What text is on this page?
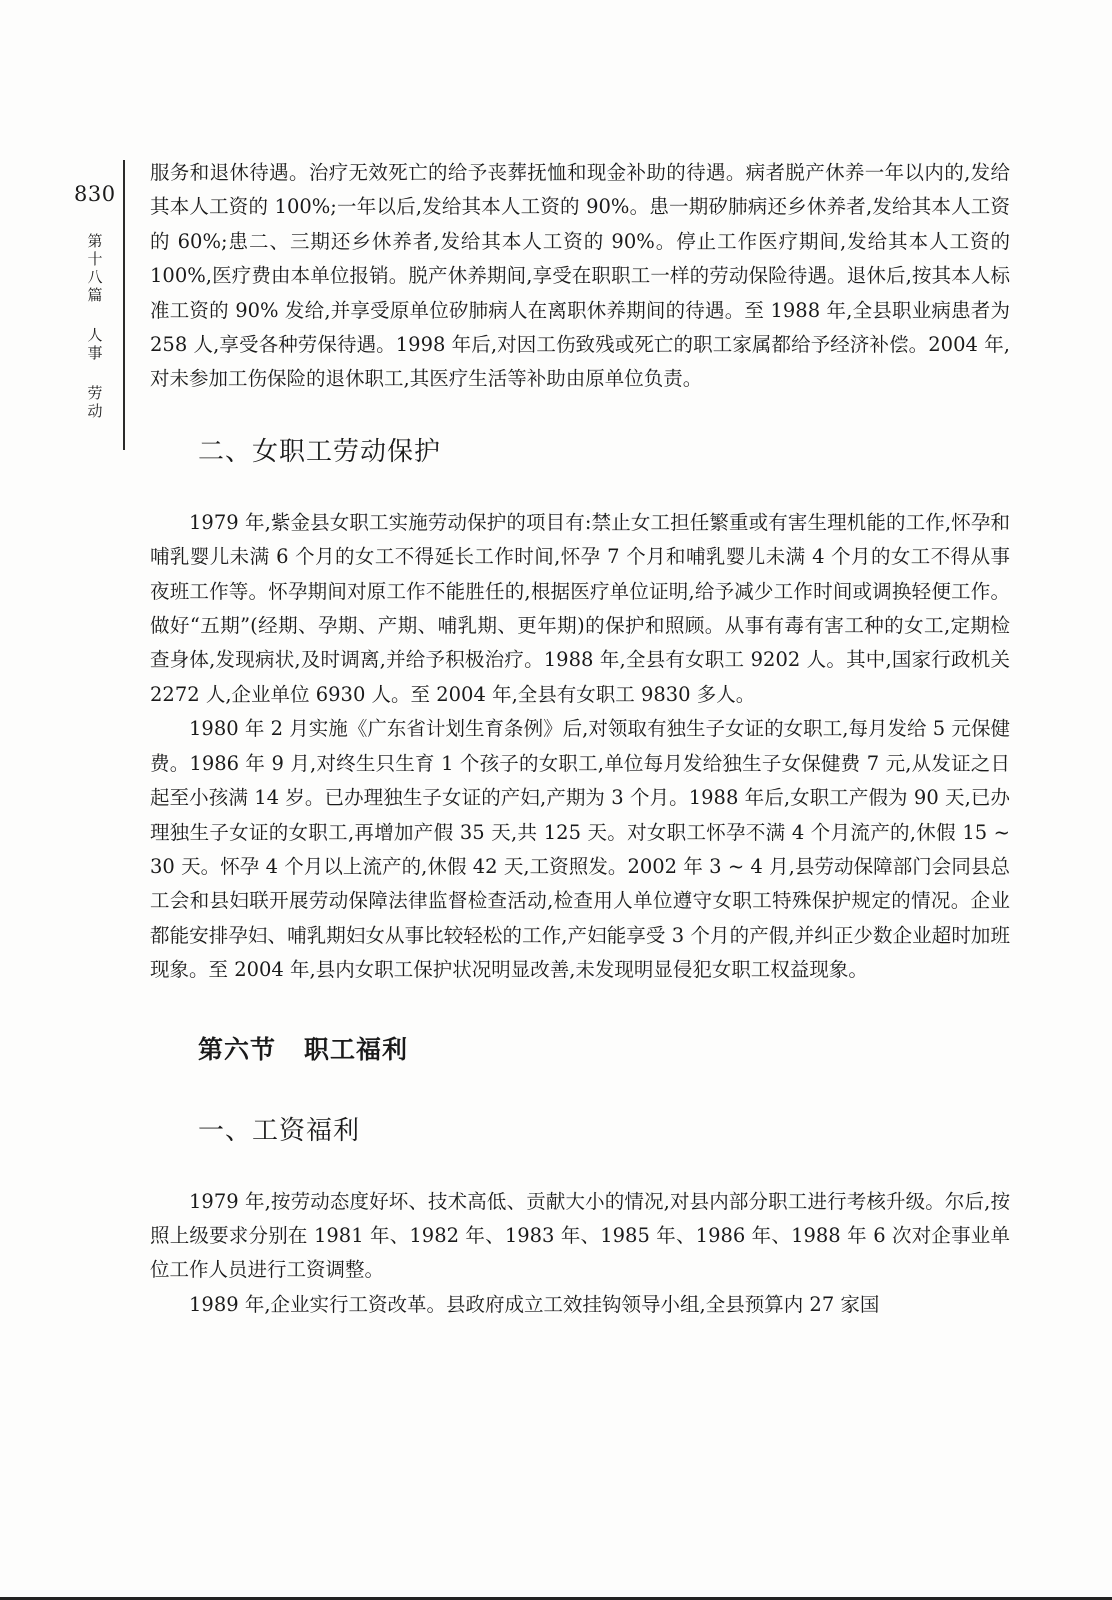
830
第
十
八
篇
人
事
劳
动

服务和退休待遇。治疗无效死亡的给予丧葬抚恤和现金补助的待遇。病者脱产休养一年以内的,发给其本人工资的 100%;一年以后,发给其本人工资的 90%。患一期矽肺病还乡休养者,发给其本人工资的 60%;患二、三期还乡休养者,发给其本人工资的 90%。停止工作医疗期间,发给其本人工资的 100%,医疗费由本单位报销。脱产休养期间,享受在职职工一样的劳动保险待遇。退休后,按其本人标准工资的 90% 发给,并享受原单位矽肺病人在离职休养期间的待遇。至 1988 年,全县职业病患者为 258 人,享受各种劳保待遇。1998 年后,对因工伤致残或死亡的职工家属都给予经济补偿。2004 年,对未参加工伤保险的退休职工,其医疗生活等补助由原单位负责。

二、女职工劳动保护

1979 年,紫金县女职工实施劳动保护的项目有:禁止女工担任繁重或有害生理机能的工作,怀孕和哺乳婴儿未满 6 个月的女工不得延长工作时间,怀孕 7 个月和哺乳婴儿未满 4 个月的女工不得从事夜班工作等。怀孕期间对原工作不能胜任的,根据医疗单位证明,给予减少工作时间或调换轻便工作。做好“五期”(经期、孕期、产期、哺乳期、更年期)的保护和照顾。从事有毒有害工种的女工,定期检查身体,发现病状,及时调离,并给予积极治疗。1988 年,全县有女职工 9202 人。其中,国家行政机关 2272 人,企业单位 6930 人。至 2004 年,全县有女职工 9830 多人。

1980 年 2 月实施《广东省计划生育条例》后,对领取有独生子女证的女职工,每月发给 5 元保健费。1986 年 9 月,对终生只生育 1 个孩子的女职工,单位每月发给独生子女保健费 7 元,从发证之日起至小孩满 14 岁。已办理独生子女证的产妇,产期为 3 个月。1988 年后,女职工产假为 90 天,已办理独生子女证的女职工,再增加产假 35 天,共 125 天。对女职工怀孕不满 4 个月流产的,休假 15 ~ 30 天。怀孕 4 个月以上流产的,休假 42 天,工资照发。2002 年 3 ~ 4 月,县劳动保障部门会同县总工会和县妇联开展劳动保障法律监督检查活动,检查用人单位遵守女职工特殊保护规定的情况。企业都能安排孕妇、哺乳期妇女从事比较轻松的工作,产妇能享受 3 个月的产假,并纠正少数企业超时加班现象。至 2004 年,县内女职工保护状况明显改善,未发现明显侵犯女职工权益现象。

第六节 职工福利
一、工资福利

1979 年,按劳动态度好坏、技术高低、贡献大小的情况,对县内部分职工进行考核升级。尔后,按照上级要求分别在 1981 年、1982 年、1983 年、1985 年、1986 年、1988 年 6 次对企事业单位工作人员进行工资调整。

1989 年,企业实行工资改革。县政府成立工效挂钩领导小组,全县预算内 27 家国
